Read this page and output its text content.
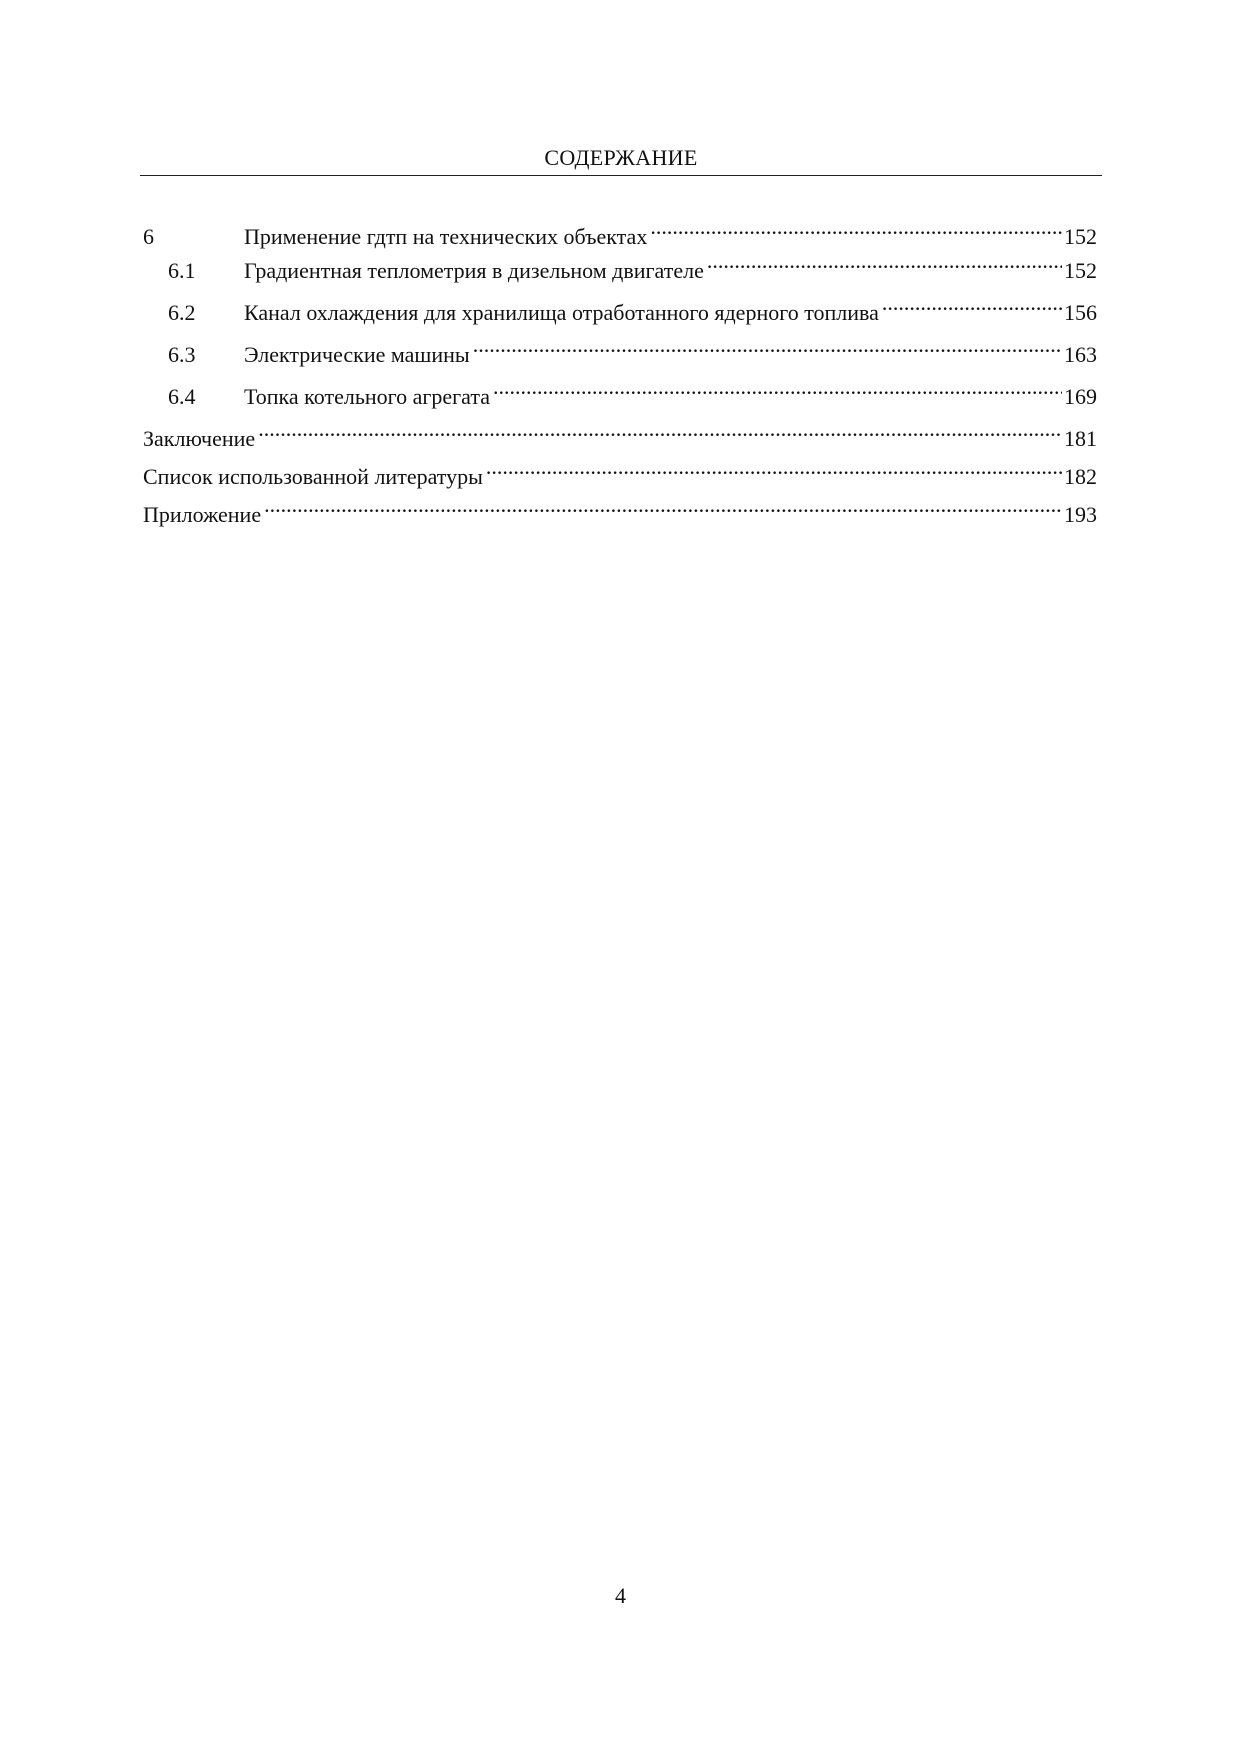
СОДЕРЖАНИЕ
6	Применение гдтп на технических объектах .....	152
6.1	Градиентная теплометрия в дизельном двигателе .....	152
6.2	Канал охлаждения для хранилища отработанного ядерного топлива .....	156
6.3	Электрические машины .....	163
6.4	Топка котельного агрегата .....	169
Заключение .....	181
Список использованной литературы .....	182
Приложение .....	193
4
